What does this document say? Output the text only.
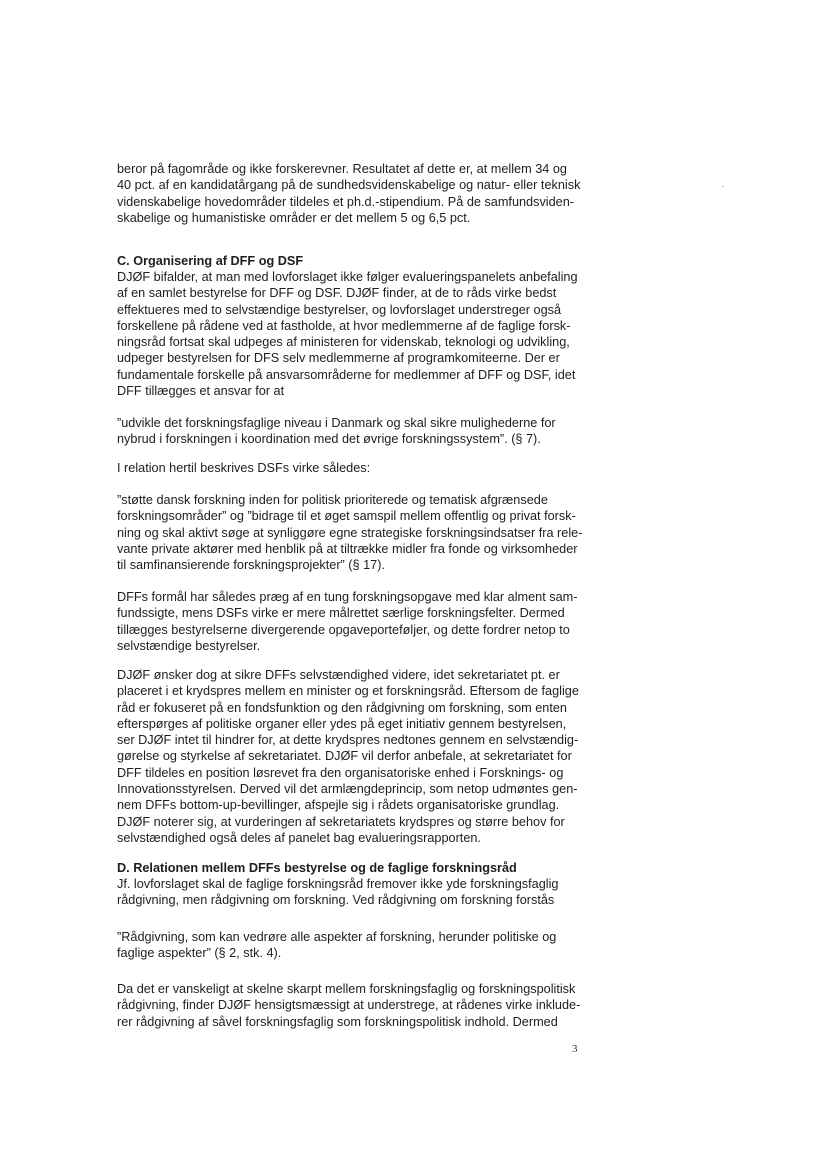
beror på fagområde og ikke forskerevner. Resultatet af dette er, at mellem 34 og
40 pct. af en kandidatårgang på de sundhedsvidenskabelige og natur- eller teknisk
videnskabelige hovedområder tildeles et ph.d.-stipendium. På de samfundsviden-
skabelige og humanistiske områder er det mellem 5 og 6,5 pct.
C. Organisering af DFF og DSF
DJØF bifalder, at man med lovforslaget ikke følger evalueringspanelets anbefaling
af en samlet bestyrelse for DFF og DSF. DJØF finder, at de to råds virke bedst
effektueres med to selvstændige bestyrelser, og lovforslaget understreger også
forskellene på rådene ved at fastholde, at hvor medlemmerne af de faglige forsk-
ningsråd fortsat skal udpeges af ministeren for videnskab, teknologi og udvikling,
udpeger bestyrelsen for DFS selv medlemmerne af programkomiteerne. Der er
fundamentale forskelle på ansvarsområderne for medlemmer af DFF og DSF, idet
DFF tillægges et ansvar for at
”udvikle det forskningsfaglige niveau i Danmark og skal sikre mulighederne for
nybrud i forskningen i koordination med det øvrige forskningssystem”. (§ 7).
I relation hertil beskrives DSFs virke således:
”støtte dansk forskning inden for politisk prioriterede og tematisk afgrænsede
forskningsområder” og ”bidrage til et øget samspil mellem offentlig og privat forsk-
ning og skal aktivt søge at synliggøre egne strategiske forskningsindsatser fra rele-
vante private aktører med henblik på at tiltrække midler fra fonde og virksomheder
til samfinansierende forskningsprojekter” (§ 17).
DFFs formål har således præg af en tung forskningsopgave med klar alment sam-
fundssigte, mens DSFs virke er mere målrettet særlige forskningsfelter. Dermed
tillægges bestyrelserne divergerende opgaveporteføljer, og dette fordrer netop to
selvstændige bestyrelser.
DJØF ønsker dog at sikre DFFs selvstændighed videre, idet sekretariatet pt. er
placeret i et krydspres mellem en minister og et forskningsråd. Eftersom de faglige
råd er fokuseret på en fondsfunktion og den rådgivning om forskning, som enten
efterspørges af politiske organer eller ydes på eget initiativ gennem bestyrelsen,
ser DJØF intet til hindrer for, at dette krydspres nedtones gennem en selvstændig-
gørelse og styrkelse af sekretariatet. DJØF vil derfor anbefale, at sekretariatet for
DFF tildeles en position løsrevet fra den organisatoriske enhed i Forsknings- og
Innovationsstyrelsen. Derved vil det armlængdeprincip, som netop udmøntes gen-
nem DFFs bottom-up-bevillinger, afspejle sig i rådets organisatoriske grundlag.
DJØF noterer sig, at vurderingen af sekretariatets krydspres og større behov for
selvstændighed også deles af panelet bag evalueringsrapporten.
D. Relationen mellem DFFs bestyrelse og de faglige forskningsråd
Jf. lovforslaget skal de faglige forskningsråd fremover ikke yde forskningsfaglig
rådgivning, men rådgivning om forskning. Ved rådgivning om forskning forstås
”Rådgivning, som kan vedrøre alle aspekter af forskning, herunder politiske og
faglige aspekter” (§ 2, stk. 4).
Da det er vanskeligt at skelne skarpt mellem forskningsfaglig og forskningspolitisk
rådgivning, finder DJØF hensigtsmæssigt at understrege, at rådenes virke inklude-
rer rådgivning af såvel forskningsfaglig som forskningspolitisk indhold. Dermed
3
